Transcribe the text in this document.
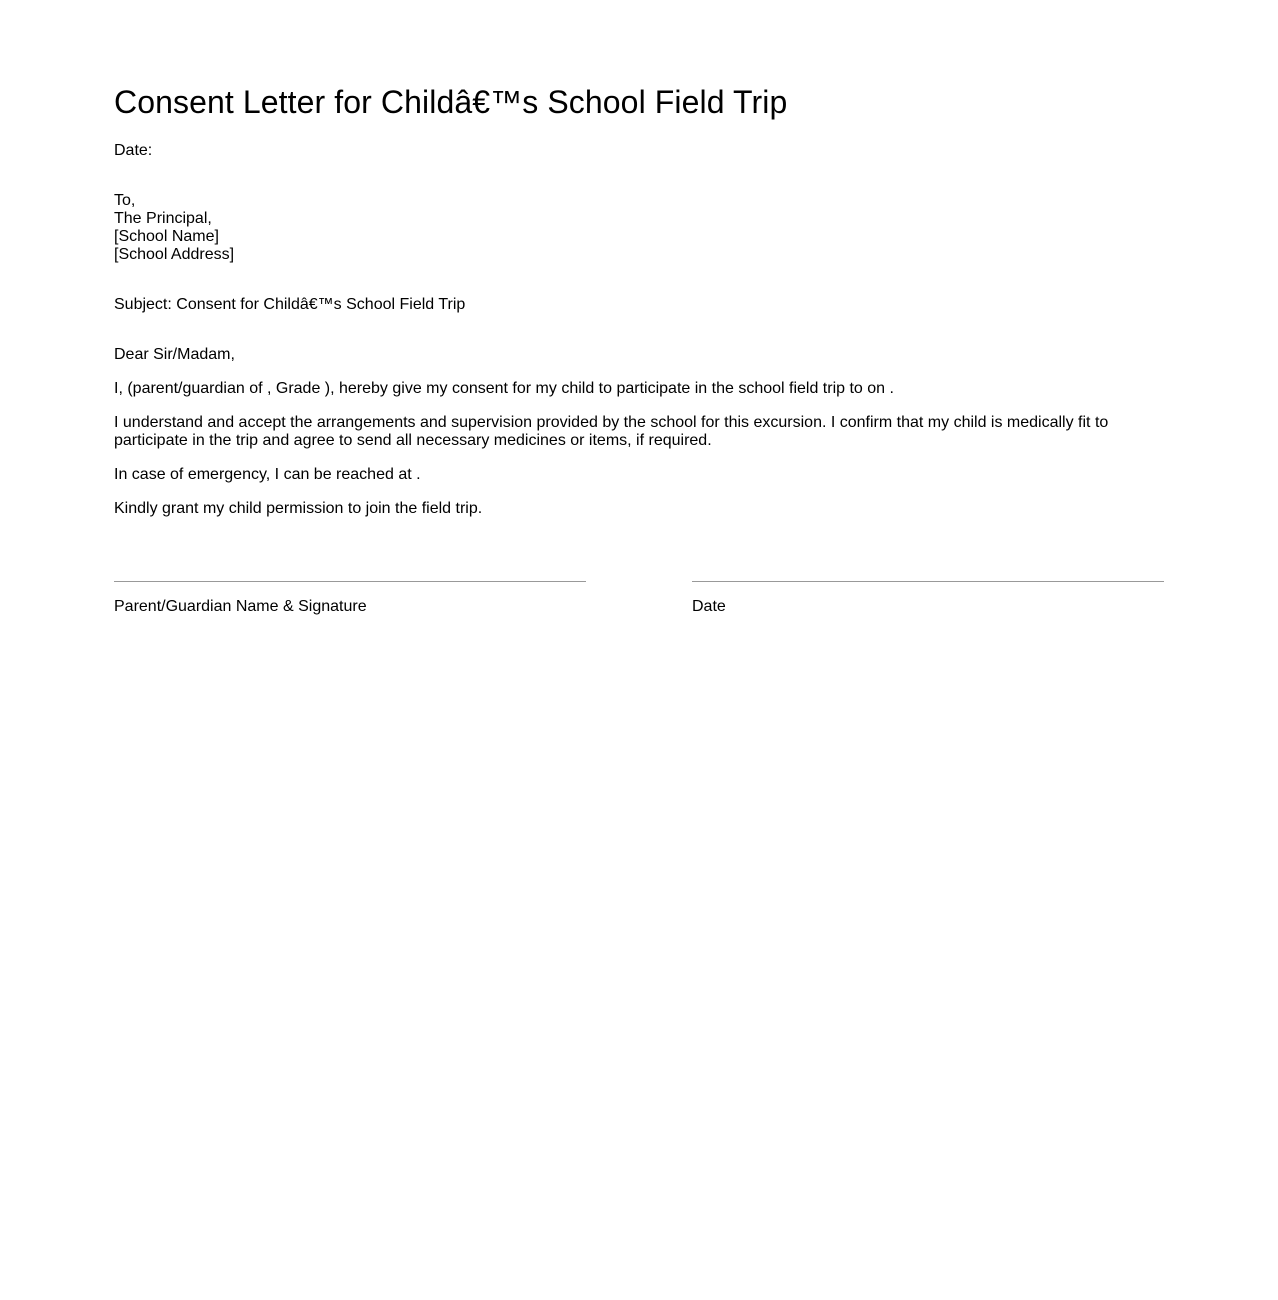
Consent Letter for Childâ€™s School Field Trip
Date:
To,
The Principal,
[School Name]
[School Address]
Subject: Consent for Childâ€™s School Field Trip
Dear Sir/Madam,
I, (parent/guardian of , Grade ), hereby give my consent for my child to participate in the school field trip to on .
I understand and accept the arrangements and supervision provided by the school for this excursion. I confirm that my child is medically fit to participate in the trip and agree to send all necessary medicines or items, if required.
In case of emergency, I can be reached at .
Kindly grant my child permission to join the field trip.
Parent/Guardian Name & Signature	Date
